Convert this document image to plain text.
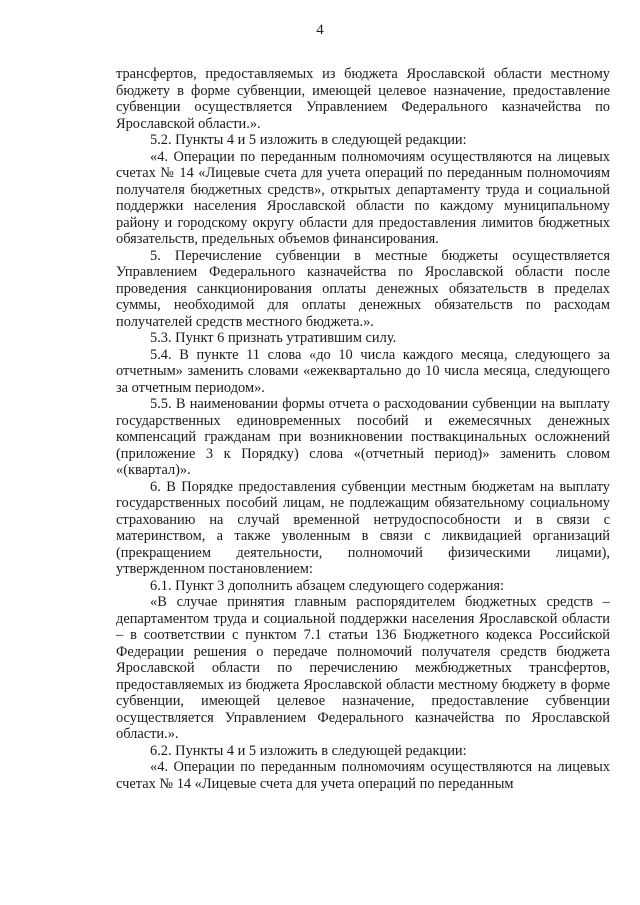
4

трансфертов, предоставляемых из бюджета Ярославской области местному бюджету в форме субвенции, имеющей целевое назначение, предоставление субвенции осуществляется Управлением Федерального казначейства по Ярославской области.».

5.2. Пункты 4 и 5 изложить в следующей редакции:

«4. Операции по переданным полномочиям осуществляются на лицевых счетах № 14 «Лицевые счета для учета операций по переданным полномочиям получателя бюджетных средств», открытых департаменту труда и социальной поддержки населения Ярославской области по каждому муниципальному району и городскому округу области для предоставления лимитов бюджетных обязательств, предельных объемов финансирования.

5. Перечисление субвенции в местные бюджеты осуществляется Управлением Федерального казначейства по Ярославской области после проведения санкционирования оплаты денежных обязательств в пределах суммы, необходимой для оплаты денежных обязательств по расходам получателей средств местного бюджета.».

5.3. Пункт 6 признать утратившим силу.

5.4. В пункте 11 слова «до 10 числа каждого месяца, следующего за отчетным» заменить словами «ежеквартально до 10 числа месяца, следующего за отчетным периодом».

5.5. В наименовании формы отчета о расходовании субвенции на выплату государственных единовременных пособий и ежемесячных денежных компенсаций гражданам при возникновении поствакцинальных осложнений (приложение 3 к Порядку) слова «(отчетный период)» заменить словом «(квартал)».

6. В Порядке предоставления субвенции местным бюджетам на выплату государственных пособий лицам, не подлежащим обязательному социальному страхованию на случай временной нетрудоспособности и в связи с материнством, а также уволенным в связи с ликвидацией организаций (прекращением деятельности, полномочий физическими лицами), утвержденном постановлением:

6.1. Пункт 3 дополнить абзацем следующего содержания:

«В случае принятия главным распорядителем бюджетных средств – департаментом труда и социальной поддержки населения Ярославской области – в соответствии с пунктом 7.1 статьи 136 Бюджетного кодекса Российской Федерации решения о передаче полномочий получателя средств бюджета Ярославской области по перечислению межбюджетных трансфертов, предоставляемых из бюджета Ярославской области местному бюджету в форме субвенции, имеющей целевое назначение, предоставление субвенции осуществляется Управлением Федерального казначейства по Ярославской области.».

6.2. Пункты 4 и 5 изложить в следующей редакции:

«4. Операции по переданным полномочиям осуществляются на лицевых счетах № 14 «Лицевые счета для учета операций по переданным
